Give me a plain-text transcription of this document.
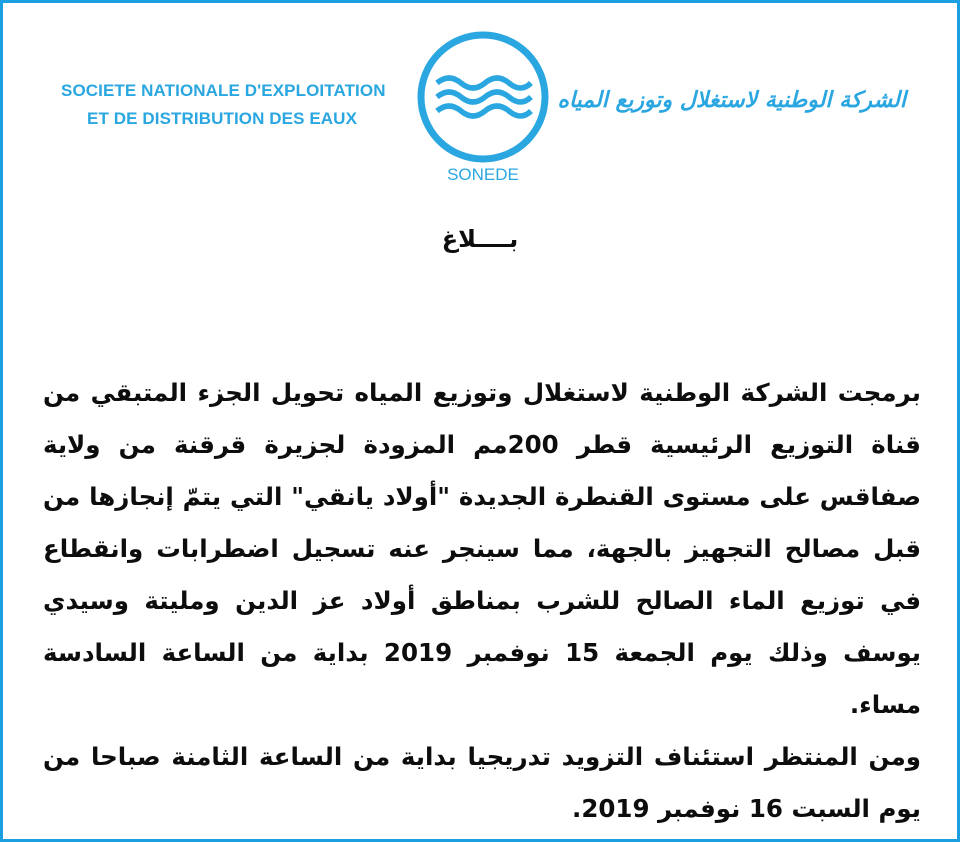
SOCIETE NATIONALE D'EXPLOITATION
ET DE DISTRIBUTION DES EAUX
SONEDE
الشركة الوطنية لاستغلال وتوزيع المياه
بــــلاغ

برمجت الشركة الوطنية لاستغلال وتوزيع المياه تحويل الجزء المتبقي من قناة التوزيع الرئيسية قطر 200مم المزودة لجزيرة قرقنة من ولاية صفاقس على مستوى القنطرة الجديدة "أولاد يانقي" التي يتمّ إنجازها من قبل مصالح التجهيز بالجهة، مما سينجر عنه تسجيل اضطرابات وانقطاع في توزيع الماء الصالح للشرب بمناطق أولاد عز الدين ومليتة وسيدي يوسف وذلك يوم الجمعة 15 نوفمبر 2019 بداية من الساعة السادسة مساء.

ومن المنتظر استئناف التزويد تدريجيا بداية من الساعة الثامنة صباحا من يوم السبت 16 نوفمبر 2019.
